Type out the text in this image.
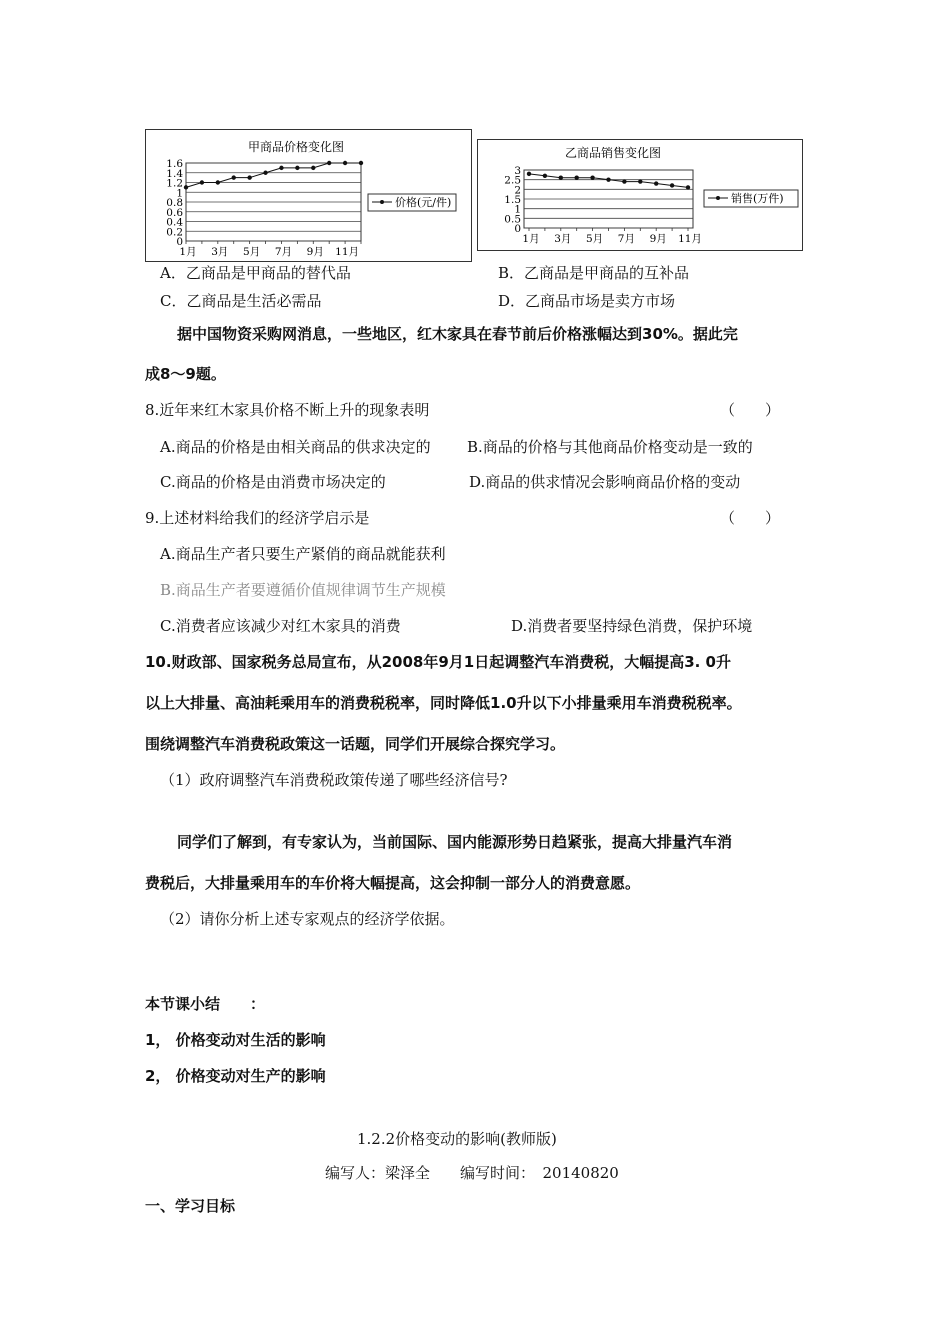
甲商品价格变化图
0
0.2
0.4
0.6
0.8
1
1.2
1.4
1.6
1月 3月 5月 7月 9月 11月
价格(元/件)
乙商品销售变化图
0
0.5
1
1.5
2
2.5
3
1月 3月 5月 7月 9月 11月
销售(万件)
A．乙商品是甲商品的替代品	B．乙商品是甲商品的互补品
C．乙商品是生活必需品	D．乙商品市场是卖方市场
据中国物资采购网消息，一些地区，红木家具在春节前后价格涨幅达到30%。据此完
成8～9题。
8.近年来红木家具价格不断上升的现象表明	（　　）
A.商品的价格是由相关商品的供求决定的 B.商品的价格与其他商品价格变动是一致的
C.商品的价格是由消费市场决定的	D.商品的供求情况会影响商品价格的变动
9.上述材料给我们的经济学启示是	（　　）
A.商品生产者只要生产紧俏的商品就能获利
B.商品生产者要遵循价值规律调节生产规模
C.消费者应该减少对红木家具的消费	D.消费者要坚持绿色消费，保护环境
10.财政部、国家税务总局宣布，从2008年9月1日起调整汽车消费税，大幅提高3. 0升
以上大排量、高油耗乘用车的消费税税率，同时降低1.0升以下小排量乘用车消费税税率。
围绕调整汽车消费税政策这一话题，同学们开展综合探究学习。
（1）政府调整汽车消费税政策传递了哪些经济信号?
同学们了解到，有专家认为，当前国际、国内能源形势日趋紧张，提高大排量汽车消
费税后，大排量乘用车的车价将大幅提高，这会抑制一部分人的消费意愿。
（2）请你分析上述专家观点的经济学依据。
本节课小结　　：
1， 价格变动对生活的影响
2， 价格变动对生产的影响
1.2.2价格变动的影响(教师版)
编写人：梁泽全　　编写时间：　20140820
一、学习目标
